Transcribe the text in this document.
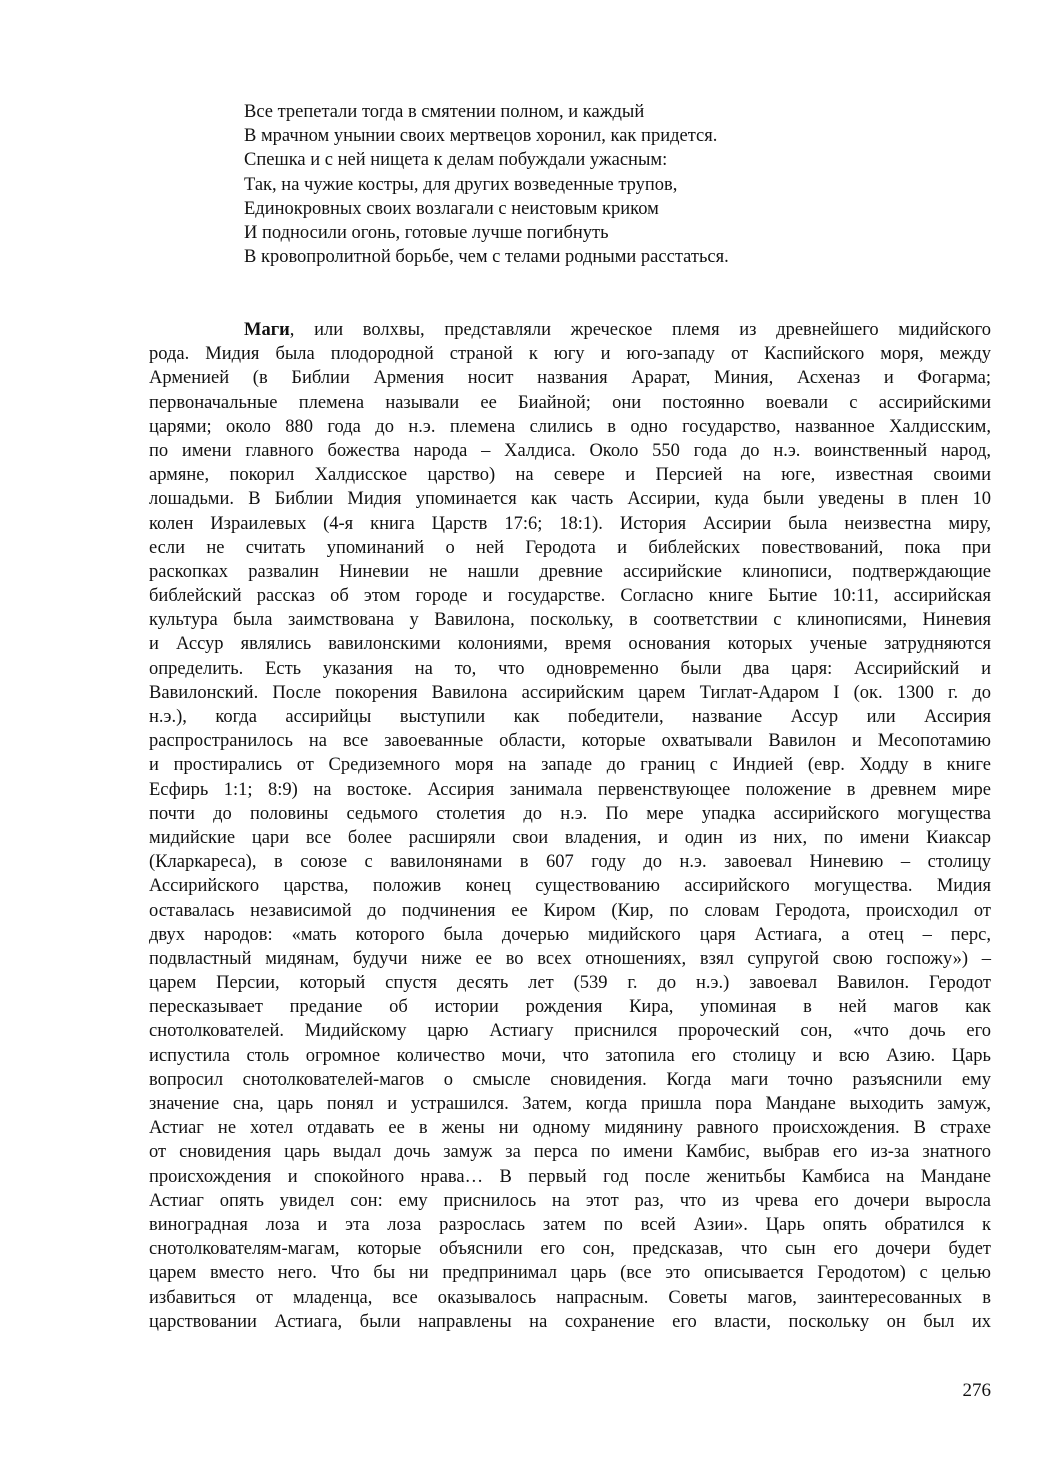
Все трепетали тогда в смятении полном, и каждый
В мрачном унынии своих мертвецов хоронил, как придется.
Спешка и с ней нищета к делам побуждали ужасным:
Так, на чужие костры, для других возведенные трупов,
Единокровных своих возлагали с неистовым криком
И подносили огонь, готовые лучше погибнуть
В кровопролитной борьбе, чем с телами родными расстаться.
Маги, или волхвы, представляли жреческое племя из древнейшего мидийского
рода. Мидия была плодородной страной к югу и юго-западу от Каспийского моря, между
Арменией (в Библии Армения носит названия Арарат, Миния, Асхеназ и Фогарма;
первоначальные племена называли ее Биайной; они постоянно воевали с ассирийскими
царями; около 880 года до н.э. племена слились в одно государство, названное Халдисским,
по имени главного божества народа – Халдиса. Около 550 года до н.э. воинственный народ,
армяне, покорил Халдисское царство) на севере и Персией на юге, известная своими
лошадьми. В Библии Мидия упоминается как часть Ассирии, куда были уведены в плен 10
колен Израилевых (4-я книга Царств 17:6; 18:1). История Ассирии была неизвестна миру,
если не считать упоминаний о ней Геродота и библейских повествований, пока при
раскопках развалин Ниневии не нашли древние ассирийские клинописи, подтверждающие
библейский рассказ об этом городе и государстве. Согласно книге Бытие 10:11, ассирийская
культура была заимствована у Вавилона, поскольку, в соответствии с клинописями, Ниневия
и Ассур являлись вавилонскими колониями, время основания которых ученые затрудняются
определить. Есть указания на то, что одновременно были два царя: Ассирийский и
Вавилонский. После покорения Вавилона ассирийским царем Тиглат-Адаром I (ок. 1300 г. до
н.э.), когда ассирийцы выступили как победители, название Ассур или Ассирия
распространилось на все завоеванные области, которые охватывали Вавилон и Месопотамию
и простирались от Средиземного моря на западе до границ с Индией (евр. Ходду в книге
Есфирь 1:1; 8:9) на востоке. Ассирия занимала первенствующее положение в древнем мире
почти до половины седьмого столетия до н.э. По мере упадка ассирийского могущества
мидийские цари все более расширяли свои владения, и один из них, по имени Киаксар
(Кларкареса), в союзе с вавилонянами в 607 году до н.э. завоевал Ниневию – столицу
Ассирийского царства, положив конец существованию ассирийского могущества. Мидия
оставалась независимой до подчинения ее Киром (Кир, по словам Геродота, происходил от
двух народов: «мать которого была дочерью мидийского царя Астиага, а отец – перс,
подвластный мидянам, будучи ниже ее во всех отношениях, взял супругой свою госпожу») –
царем Персии, который спустя десять лет (539 г. до н.э.) завоевал Вавилон. Геродот
пересказывает предание об истории рождения Кира, упоминая в ней магов как
снотолкователей. Мидийскому царю Астиагу приснился пророческий сон, «что дочь его
испустила столь огромное количество мочи, что затопила его столицу и всю Азию. Царь
вопросил снотолкователей-магов о смысле сновидения. Когда маги точно разъяснили ему
значение сна, царь понял и устрашился. Затем, когда пришла пора Мандане выходить замуж,
Астиаг не хотел отдавать ее в жены ни одному мидянину равного происхождения. В страхе
от сновидения царь выдал дочь замуж за перса по имени Камбис, выбрав его из-за знатного
происхождения и спокойного нрава… В первый год после женитьбы Камбиса на Мандане
Астиаг опять увидел сон: ему приснилось на этот раз, что из чрева его дочери выросла
виноградная лоза и эта лоза разрослась затем по всей Азии». Царь опять обратился к
снотолкователям-магам, которые объяснили его сон, предсказав, что сын его дочери будет
царем вместо него. Что бы ни предпринимал царь (все это описывается Геродотом) с целью
избавиться от младенца, все оказывалось напрасным. Советы магов, заинтересованных в
царствовании Астиага, были направлены на сохранение его власти, поскольку он был их
276
